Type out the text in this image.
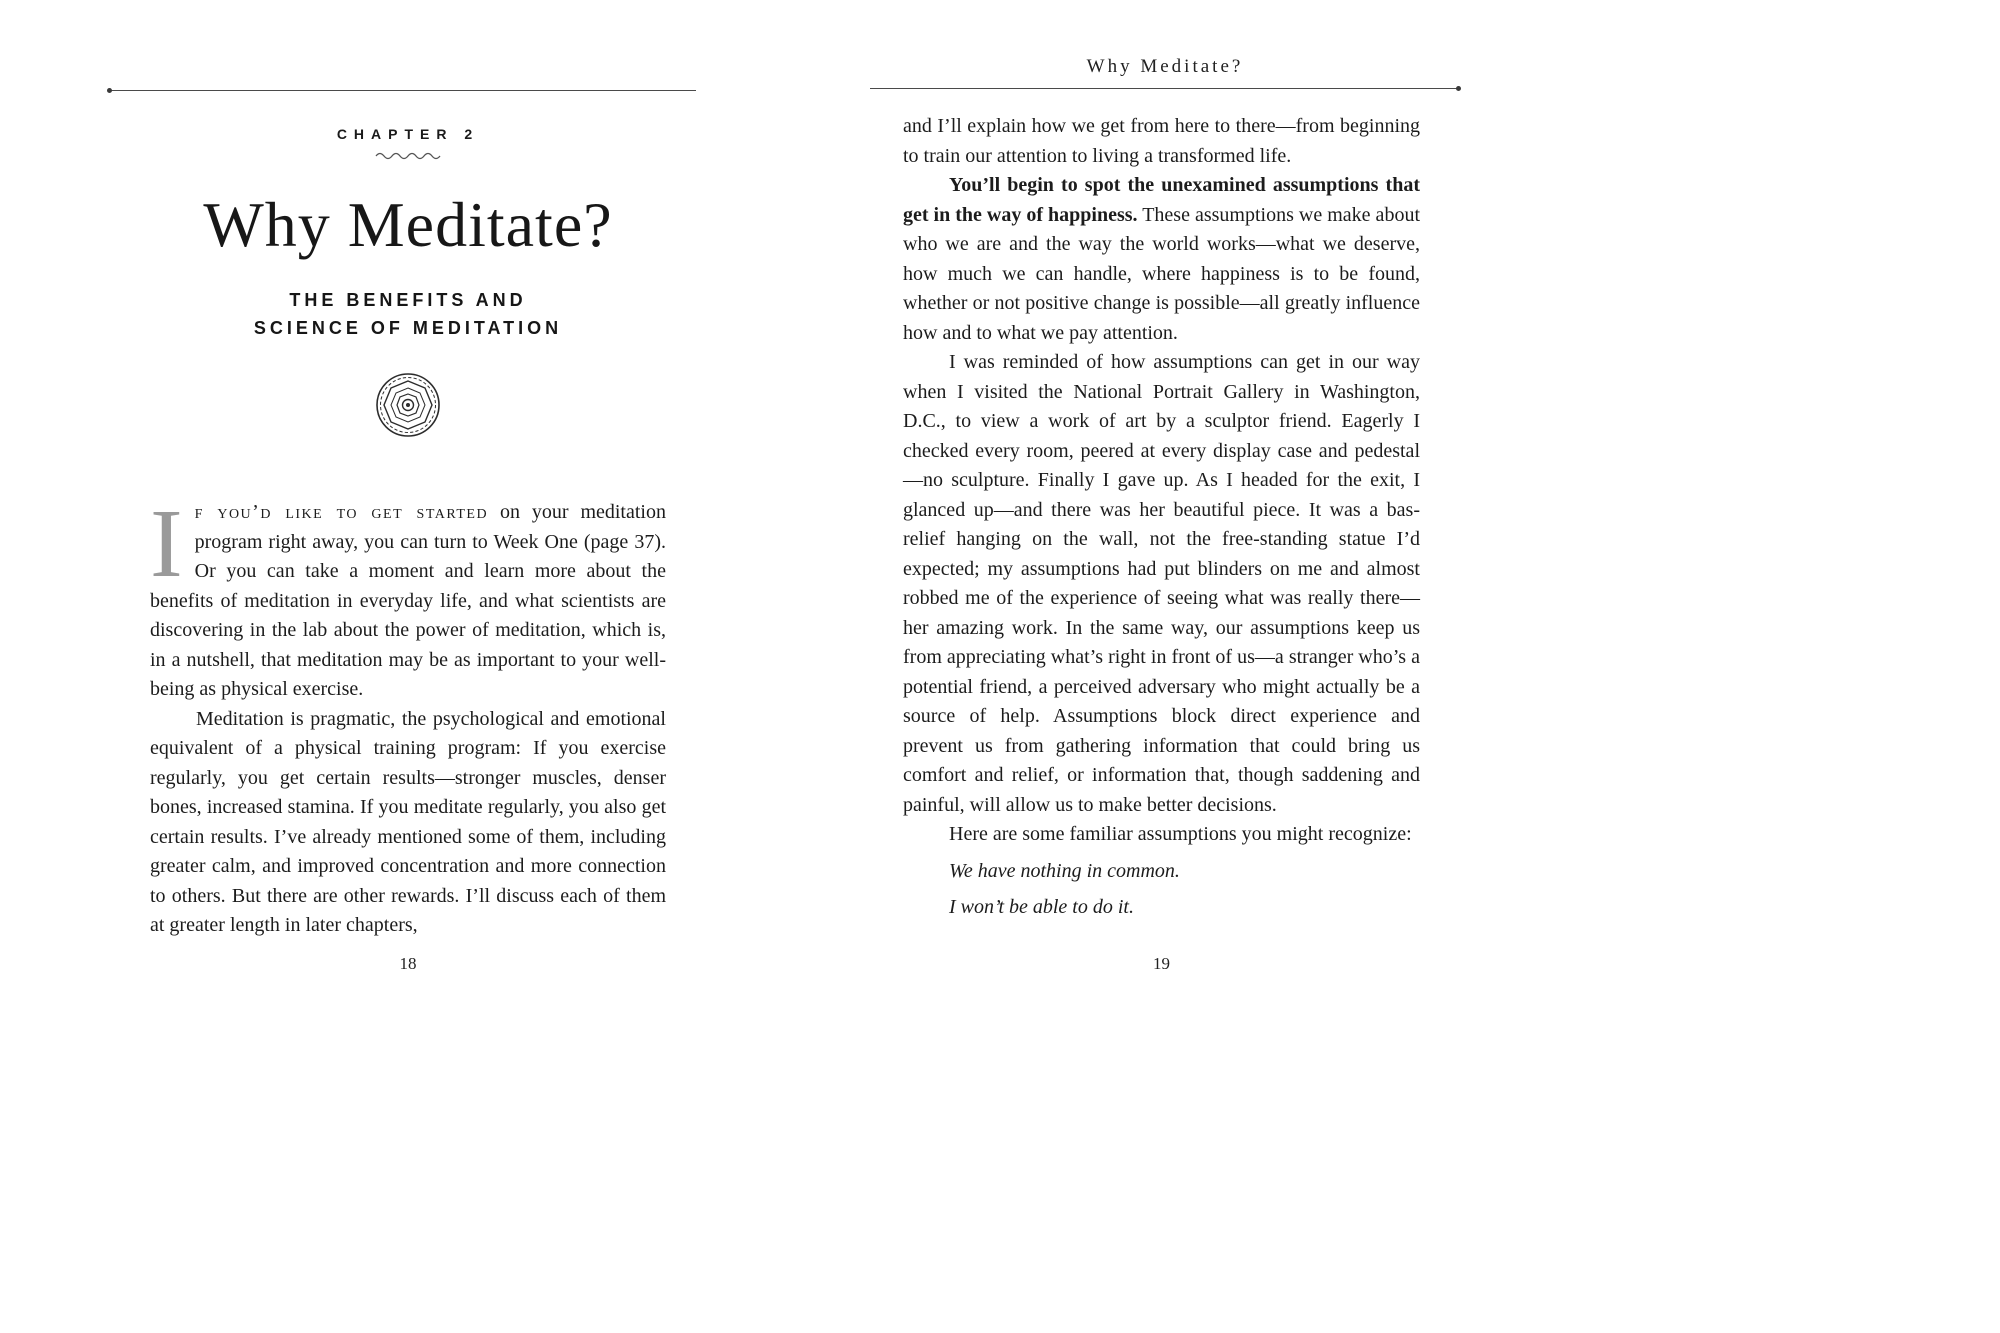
Why Meditate?
CHAPTER 2
Why Meditate?
THE BENEFITS AND
SCIENCE OF MEDITATION

If you’d like to get started on your meditation program right away, you can turn to Week One (page 37). Or you can take a moment and learn more about the benefits of meditation in everyday life, and what scientists are discovering in the lab about the power of meditation, which is, in a nutshell, that meditation may be as important to your well-being as physical exercise.

Meditation is pragmatic, the psychological and emotional equivalent of a physical training program: If you exercise regularly, you get certain results—stronger muscles, denser bones, increased stamina. If you meditate regularly, you also get certain results. I’ve already mentioned some of them, including greater calm, and improved concentration and more connection to others. But there are other rewards. I’ll discuss each of them at greater length in later chapters,

18

and I’ll explain how we get from here to there—from beginning to train our attention to living a transformed life.

You’ll begin to spot the unexamined assumptions that get in the way of happiness. These assumptions we make about who we are and the way the world works—what we deserve, how much we can handle, where happiness is to be found, whether or not positive change is possible—all greatly influence how and to what we pay attention.

I was reminded of how assumptions can get in our way when I visited the National Portrait Gallery in Washington, D.C., to view a work of art by a sculptor friend. Eagerly I checked every room, peered at every display case and pedestal—no sculpture. Finally I gave up. As I headed for the exit, I glanced up—and there was her beautiful piece. It was a bas-relief hanging on the wall, not the free-standing statue I’d expected; my assumptions had put blinders on me and almost robbed me of the experience of seeing what was really there—her amazing work. In the same way, our assumptions keep us from appreciating what’s right in front of us—a stranger who’s a potential friend, a perceived adversary who might actually be a source of help. Assumptions block direct experience and prevent us from gathering information that could bring us comfort and relief, or information that, though saddening and painful, will allow us to make better decisions.

Here are some familiar assumptions you might recognize:

We have nothing in common.

I won’t be able to do it.

19
